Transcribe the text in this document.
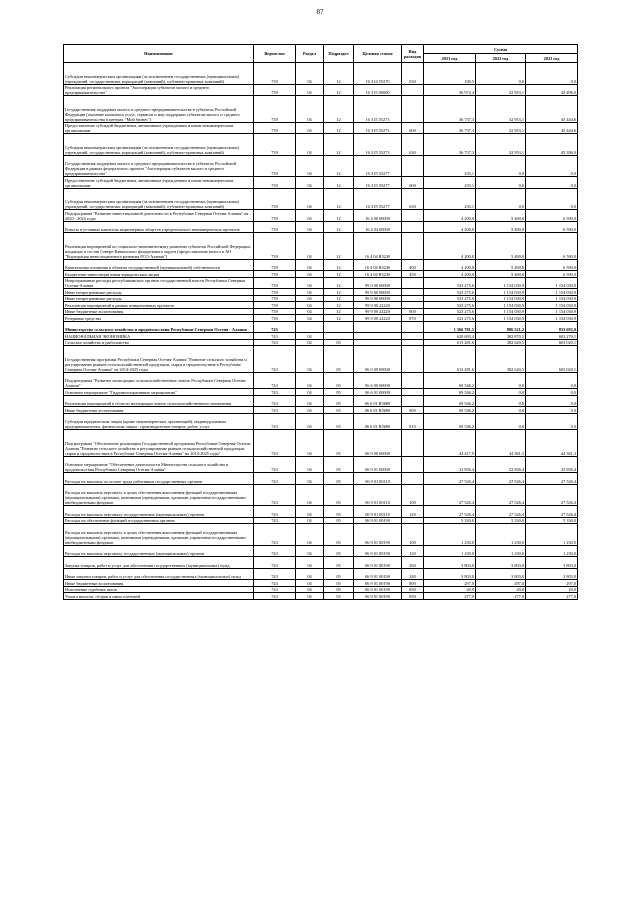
87
Наименование	Ведомство	Раздел	Подраздел	Целевая статья	Вид расходов	Сумма		
						2021 год	2022 год	2023 год
Субсидии некоммерческим организациям (за исключением государственных (муниципальных) учреждений, государственных корпораций (компаний), публично-правовых компаний)	739	04	12	16 3 I4 55270	630	106,5	0,0	0,0
Реализация регионального проекта "Акселерация субъектов малого и среднего предпринимательства"	739	04	12	16 3 I5 00000		36 972,4	32 953,1	45 496,0
Государственная поддержка малого и среднего предпринимательства в субъектах Российской Федерации (оказание комплекса услуг, сервисов и мер поддержки субъектам малого и среднего предпринимательства в центрах "Мой бизнес")	739	04	12	16 3 I5 55273		36 737,3	32 953,1	45 444,6
Предоставление субсидий бюджетным, автономным учреждениям и иным некоммерческим организациям	739	04	12	16 3 I5 55273	600	36 737,3	32 953,1	45 444,6
Субсидии некоммерческим организациям (за исключением государственных (муниципальных) учреждений, государственных корпораций (компаний), публично-правовых компаний)	739	04	12	16 3 I5 55273	630	36 737,3	32 953,1	45 396,0
Государственная поддержка малого и среднего предпринимательства в субъектах Российской Федерации в рамках федерального проекта "Акселерация субъектов малого и среднего предпринимательства"	739	04	12	16 3 I5 55277		235,1	0,0	0,0
Предоставление субсидий бюджетным, автономным учреждениям и иным некоммерческим организациям	739	04	12	16 3 I5 55277	600	235,1	0,0	0,0
Субсидии некоммерческим организациям (за исключением государственных (муниципальных) учреждений, государственных корпораций (компаний), публично-правовых компаний)	739	04	12	16 3 I5 55277	630	235,1	0,0	0,0
Подпрограмма "Развитие инвестиционной деятельности в Республике Северная Осетия-Алания" на 2020 - 2024 годы	739	04	12	16 4 00 00000		4 200,0	5 400,0	6 590,0
Взносы в уставные капиталы акционерных обществ учредительного некоммерческих проектов	739	04	12	16 4 04 00000		4 200,0	5 400,0	6 590,0
Реализация мероприятий по социально-экономическому развитию субъектов Российской Федерации, входящих в состав Северо-Кавказского федерального округа (предоставление взноса в АО "Корпорация инвестиционного развития РСО-Алания")	739	04	12	16 4 04 R5230		4 200,0	5 400,0	6 590,0
Капитальные вложения в объекты государственной (муниципальной) собственности	739	04	12	16 4 04 R5230	400	4 200,0	5 400,0	6 590,0
Бюджетные инвестиции иным юридическим лицам	739	04	12	16 4 04 R5230	450	4 200,0	5 400,0	6 590,0
Непрограммные расходы республиканских органов государственной власти Республики Северная Осетия-Алания	739	04	12	99 0 00 00000		523 275,6	1 154 030,9	1 154 030,9
Иные непрограммные расходы	739	04	12	99 9 00 00000		523 275,6	1 154 030,9	1 154 030,9
Иные непрограммные расходы	739	04	12	99 9 00 00000		523 275,6	1 154 030,9	1 154 030,9
Реализация мероприятий в рамках инициативных проектов	739	04	12	99 9 00 22220		523 275,6	1 154 030,9	1 154 030,9
Иные бюджетные ассигнования	739	04	12	99 9 00 22220	800	523 275,6	1 154 030,9	1 154 030,9
Резервные средства	739	04	12	99 9 00 22220	870	523 275,6	1 154 030,9	1 154 030,9
Министерство сельского хозяйства и продовольствия Республики Северная Осетия - Алания	743					1 366 781,5	886 521,2	833 692,0
НАЦИОНАЛЬНАЯ ЭКОНОМИКА	743	04				620 693,4	382 870,5	603 270,1
Сельское хозяйство и рыболовство	743	04	05			613 281,6	382 620,5	603 020,1
Государственная программа Республики Северная Осетия-Алания "Развитие сельского хозяйства и регулирование рынков сельскохозяйственной продукции, сырья и продовольствия в Республике Северная Осетия-Алания" на 2014-2025 годы	743	04	05	06 0 00 00000		613 281,6	382 620,5	603 020,1
Подпрограмма "Развитие мелиорации сельскохозяйственных земель Республики Северная Осетия-Алания"	743	04	05	06 6 00 00000		69 546,2	0,0	0,0
Основное мероприятие "Гидромелиоративные мероприятия"	743	04	05	06 6 01 00000		69 546,2	0,0	0,0
Реализация мероприятий в области мелиорации земель сельскохозяйственного назначения	743	04	05	06 6 01 R5680		69 546,2	0,0	0,0
Иные бюджетные ассигнования	743	04	05	06 6 01 R5680	800	69 546,2	0,0	0,0
Субсидии юридическим лицам (кроме некоммерческих организаций), индивидуальным предпринимателям, физическим лицам - производителям товаров, работ, услуг	743	04	05	06 6 01 R5680	810	69 546,2	0,0	0,0
Подпрограмма "Обеспечение реализации Государственной программы Республики Северная Осетия-Алания "Развитие сельского хозяйства и регулирование рынков сельскохозяйственной продукции, сырья и продовольствия в Республике Северная Осетия-Алания" на 2014-2025 годы"	743	04	05	06 9 00 00000		44 417,9	44 361,3	44 361,3
Основное мероприятие "Обеспечение деятельности Министерства сельского хозяйства и продовольствия Республики Северная Осетия-Алания"	743	04	05	06 9 01 00000		32 856,4	32 856,4	32 856,4
Расходы на выплаты по оплате труда работников государственных органов	743	04	05	06 9 01 00110		27 526,4	27 526,4	27 526,4
Расходы на выплаты персоналу в целях обеспечения выполнения функций государственными (муниципальными) органами, казенными учреждениями, органами управления государственными внебюджетными фондами	743	04	05	06 9 01 00110	100	27 526,4	27 526,4	27 526,4
Расходы на выплаты персоналу государственных (муниципальных) органов	743	04	05	06 9 01 00110	120	27 526,4	27 526,4	27 526,4
Расходы на обеспечение функций государственных органов	743	04	05	06 9 01 00190		5 330,0	5 330,0	5 330,0
Расходы на выплаты персоналу в целях обеспечения выполнения функций государственными (муниципальными) органами, казенными учреждениями, органами управления государственными внебюджетными фондами	743	04	05	06 9 01 00190	100	1 230,0	1 230,0	1 230,0
Расходы на выплаты персоналу государственных (муниципальных) органов	743	04	05	06 9 01 00190	120	1 230,0	1 230,0	1 230,0
Закупка товаров, работ и услуг для обеспечения государственных (муниципальных) нужд	743	04	05	06 9 01 00190	200	3 803,0	3 803,0	3 803,0
Иные закупки товаров, работ и услуг для обеспечения государственных (муниципальных) нужд	743	04	05	06 9 01 00190	240	3 803,0	3 803,0	3 803,0
Иные бюджетные ассигнования	743	04	05	06 9 01 00190	800	297,0	297,0	297,0
Исполнение судебных актов	743	04	05	06 9 01 00190	830	20,0	20,0	20,0
Уплата налогов, сборов и иных платежей	743	04	05	06 9 01 00190	850	277,0	277,0	277,0
